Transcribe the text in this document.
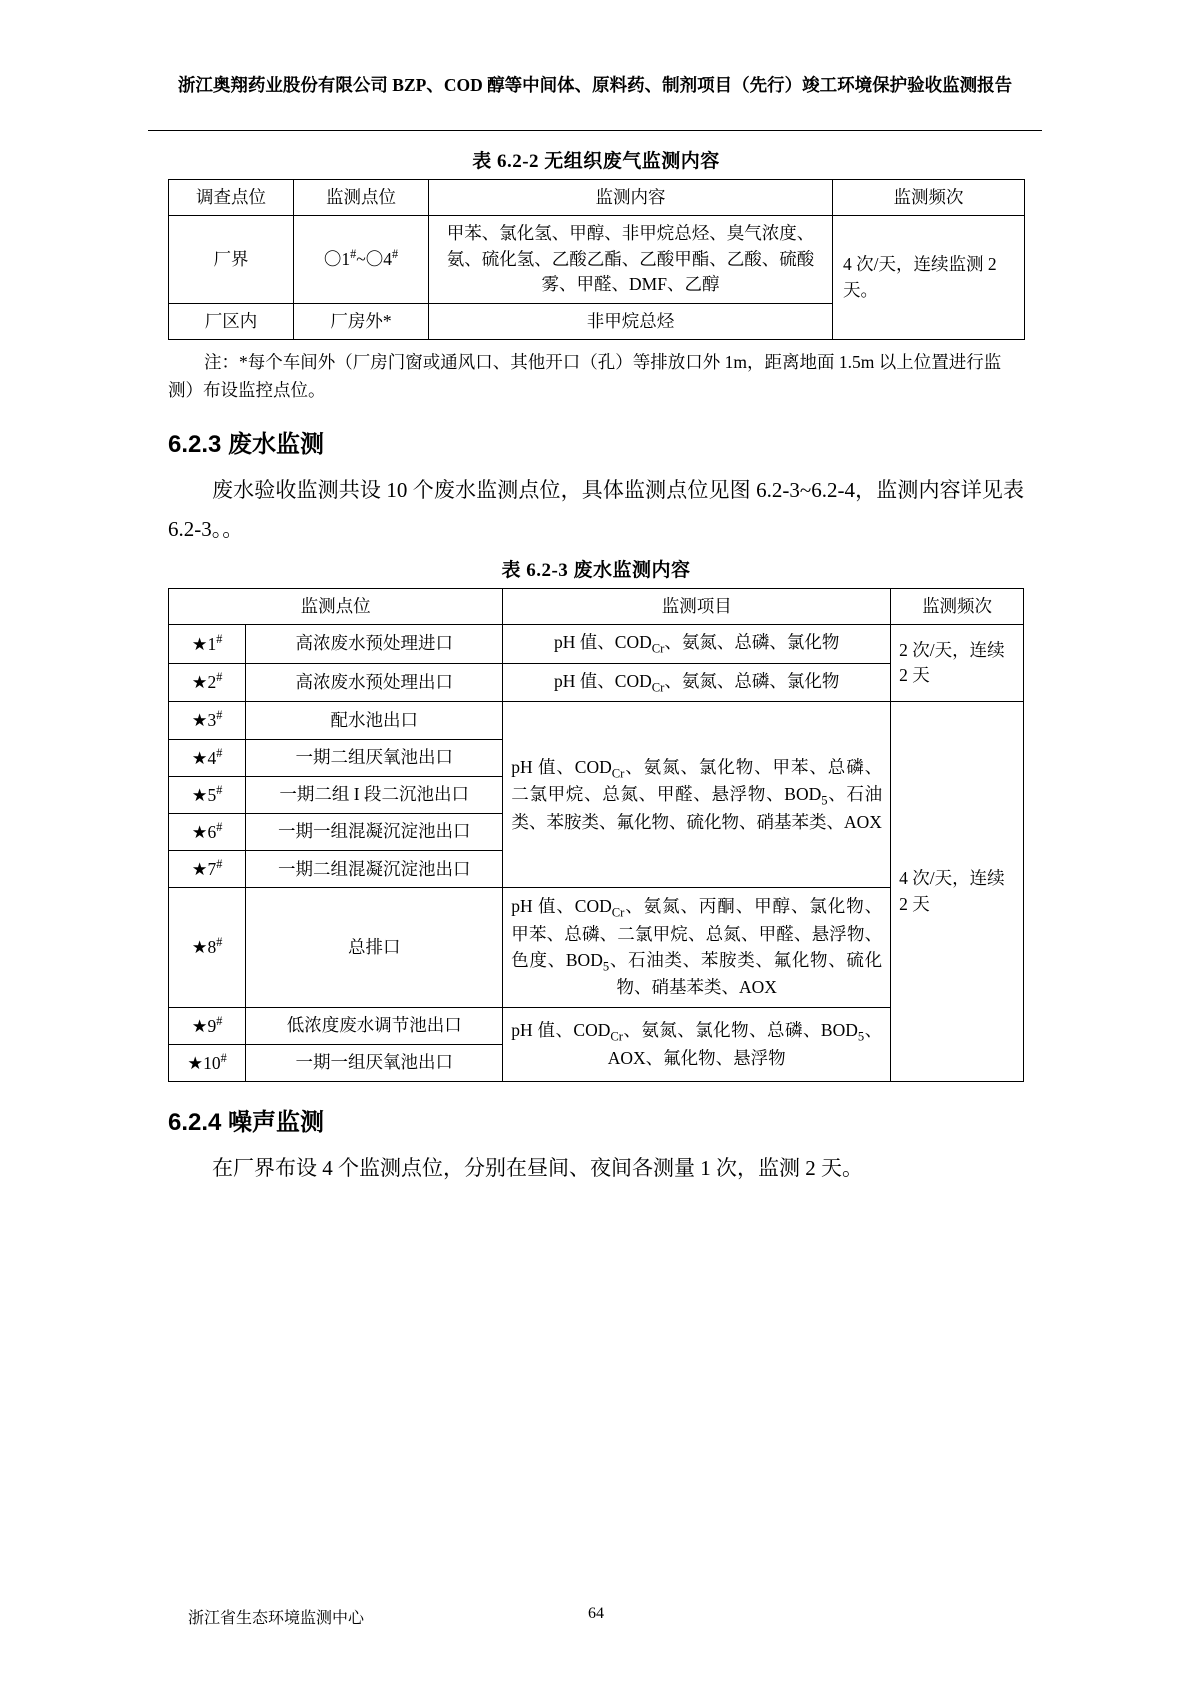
浙江奥翔药业股份有限公司 BZP、COD 醇等中间体、原料药、制剂项目（先行）竣工环境保护验收监测报告
表 6.2-2 无组织废气监测内容
调查点位	监测点位	监测内容	监测频次
厂界	〇1#~〇4#	甲苯、氯化氢、甲醇、非甲烷总烃、臭气浓度、氨、硫化氢、乙酸乙酯、乙酸甲酯、乙酸、硫酸雾、甲醛、DMF、乙醇	4 次/天，连续监测 2 天。
厂区内	厂房外*	非甲烷总烃	
注：*每个车间外（厂房门窗或通风口、其他开口（孔）等排放口外 1m，距离地面 1.5m 以上位置进行监测）布设监控点位。
6.2.3 废水监测

废水验收监测共设 10 个废水监测点位，具体监测点位见图 6.2-3~6.2-4，监测内容详见表 6.2-3。。

表 6.2-3 废水监测内容
监测点位		监测项目	监测频次
★1#	高浓废水预处理进口	pH 值、$COD_{Cr}$、氨氮、总磷、氯化物	2 次/天，连续 2 天
★2#	高浓废水预处理出口	pH 值、$COD_{Cr}$、氨氮、总磷、氯化物	
★3#	配水池出口	pH 值、$COD_{Cr}$、氨氮、氯化物、甲苯、总磷、二氯甲烷、总氮、甲醛、悬浮物、$BOD_5$、石油类、苯胺类、氟化物、硫化物、硝基苯类、AOX	4 次/天，连续 2 天
★4#	一期二组厌氧池出口		
★5#	一期二组 I 段二沉池出口		
★6#	一期一组混凝沉淀池出口		
★7#	一期二组混凝沉淀池出口		
★8#	总排口	pH 值、$COD_{Cr}$、氨氮、丙酮、甲醇、氯化物、甲苯、总磷、二氯甲烷、总氮、甲醛、悬浮物、色度、$BOD_5$、石油类、苯胺类、氟化物、硫化物、硝基苯类、AOX	
★9#	低浓度废水调节池出口	pH 值、$COD_{Cr}$、氨氮、氯化物、总磷、$BOD_5$、AOX、氟化物、悬浮物	
★10#	一期一组厌氧池出口		
6.2.4 噪声监测

在厂界布设 4 个监测点位，分别在昼间、夜间各测量 1 次，监测 2 天。

浙江省生态环境监测中心	64
